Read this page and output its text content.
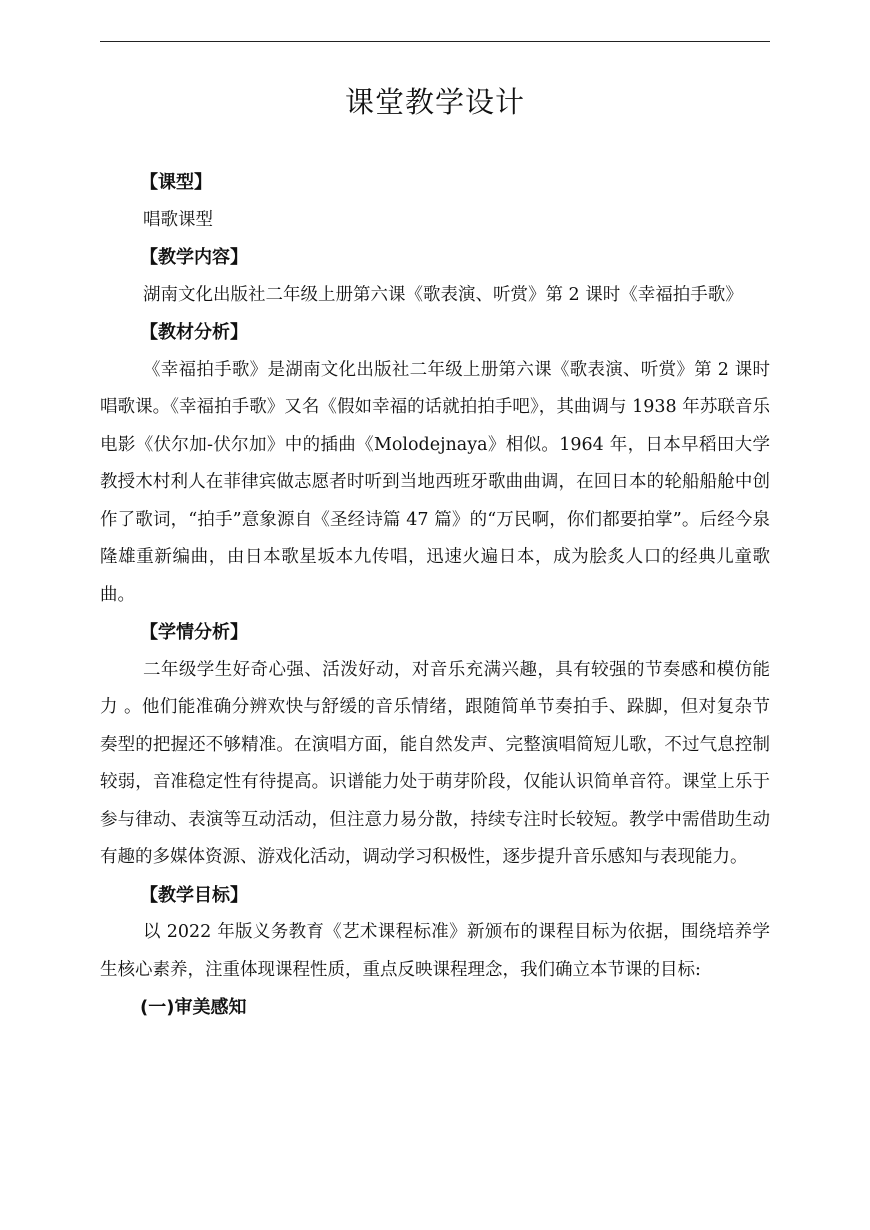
课堂教学设计
【课型】
唱歌课型
【教学内容】

湖南文化出版社二年级上册第六课《歌表演、听赏》第 2 课时《幸福拍手歌》

【教材分析】

《幸福拍手歌》是湖南文化出版社二年级上册第六课《歌表演、听赏》第 2 课时唱歌课。《幸福拍手歌》又名《假如幸福的话就拍拍手吧》，其曲调与 1938 年苏联音乐电影《伏尔加-伏尔加》中的插曲《Molodejnaya》相似。1964 年，日本早稻田大学教授木村利人在菲律宾做志愿者时听到当地西班牙歌曲曲调，在回日本的轮船船舱中创作了歌词，“拍手”意象源自《圣经诗篇 47 篇》的“万民啊，你们都要拍掌”。后经今泉隆雄重新编曲，由日本歌星坂本九传唱，迅速火遍日本，成为脍炙人口的经典儿童歌曲。

【学情分析】

二年级学生好奇心强、活泼好动，对音乐充满兴趣，具有较强的节奏感和模仿能力 。他们能准确分辨欢快与舒缓的音乐情绪，跟随简单节奏拍手、跺脚，但对复杂节奏型的把握还不够精准。在演唱方面，能自然发声、完整演唱简短儿歌，不过气息控制较弱，音准稳定性有待提高。识谱能力处于萌芽阶段，仅能认识简单音符。课堂上乐于参与律动、表演等互动活动，但注意力易分散，持续专注时长较短。教学中需借助生动有趣的多媒体资源、游戏化活动，调动学习积极性，逐步提升音乐感知与表现能力。

【教学目标】

以 2022 年版义务教育《艺术课程标准》新颁布的课程目标为依据，围绕培养学生核心素养，注重体现课程性质，重点反映课程理念，我们确立本节课的目标:

(一)审美感知
